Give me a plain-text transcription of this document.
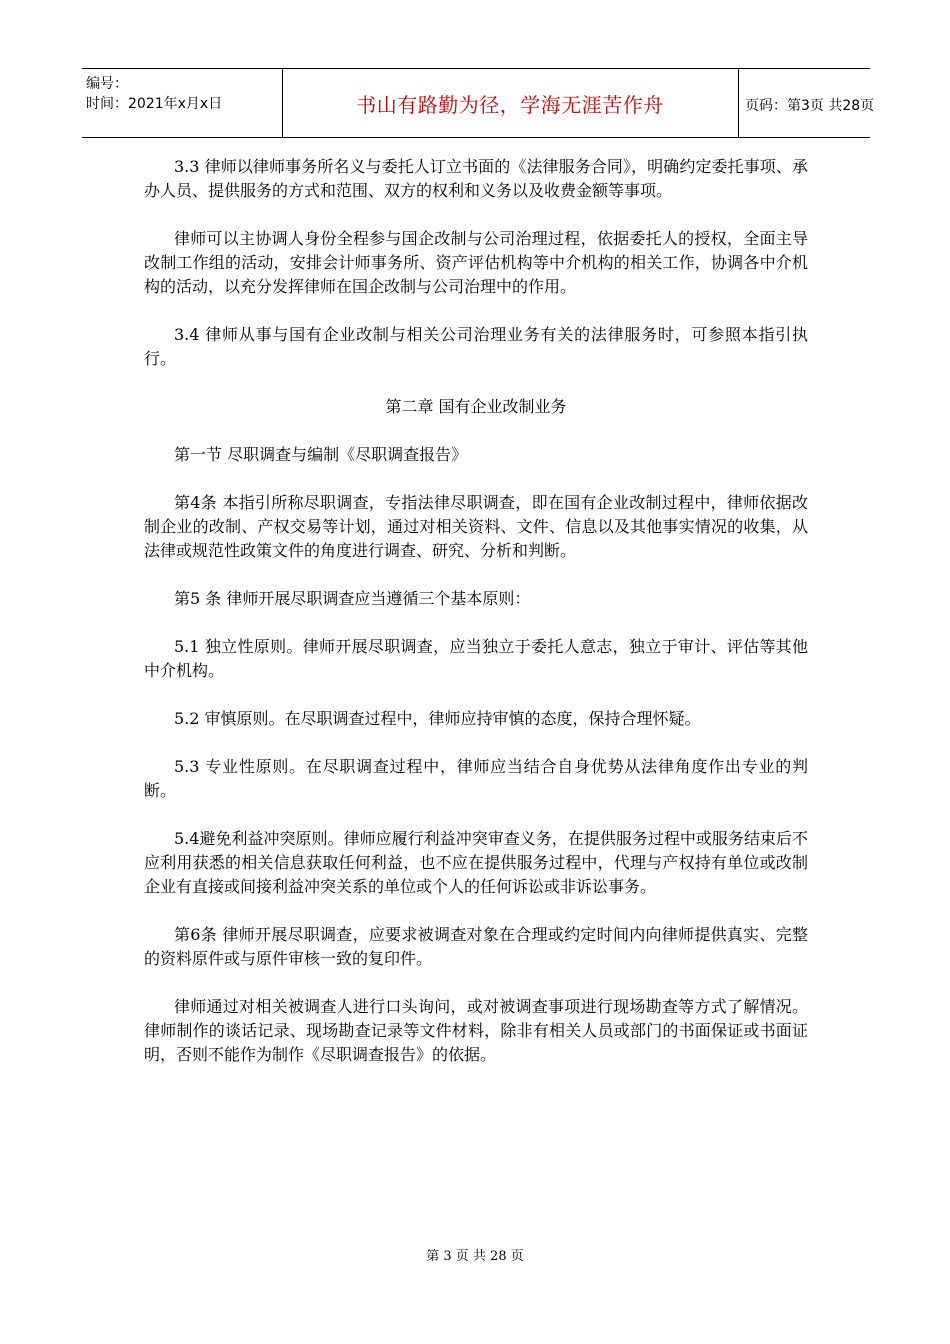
编号：
时间：2021年x月x日	书山有路勤为径，学海无涯苦作舟	页码：第3页 共28页

3.3 律师以律师事务所名义与委托人订立书面的《法律服务合同》，明确约定委托事项、承办人员、提供服务的方式和范围、双方的权利和义务以及收费金额等事项。

律师可以主协调人身份全程参与国企改制与公司治理过程，依据委托人的授权，全面主导改制工作组的活动，安排会计师事务所、资产评估机构等中介机构的相关工作，协调各中介机构的活动，以充分发挥律师在国企改制与公司治理中的作用。

3.4 律师从事与国有企业改制与相关公司治理业务有关的法律服务时，可参照本指引执行。

第二章 国有企业改制业务

第一节 尽职调查与编制《尽职调查报告》

第4条 本指引所称尽职调查，专指法律尽职调查，即在国有企业改制过程中，律师依据改制企业的改制、产权交易等计划，通过对相关资料、文件、信息以及其他事实情况的收集，从法律或规范性政策文件的角度进行调查、研究、分析和判断。

第5 条 律师开展尽职调查应当遵循三个基本原则：

5.1 独立性原则。律师开展尽职调查，应当独立于委托人意志，独立于审计、评估等其他中介机构。

5.2 审慎原则。在尽职调查过程中，律师应持审慎的态度，保持合理怀疑。

5.3 专业性原则。在尽职调查过程中，律师应当结合自身优势从法律角度作出专业的判断。

5.4避免利益冲突原则。律师应履行利益冲突审查义务，在提供服务过程中或服务结束后不应利用获悉的相关信息获取任何利益，也不应在提供服务过程中，代理与产权持有单位或改制企业有直接或间接利益冲突关系的单位或个人的任何诉讼或非诉讼事务。

第6条 律师开展尽职调查，应要求被调查对象在合理或约定时间内向律师提供真实、完整的资料原件或与原件审核一致的复印件。

律师通过对相关被调查人进行口头询问，或对被调查事项进行现场勘查等方式了解情况。律师制作的谈话记录、现场勘查记录等文件材料，除非有相关人员或部门的书面保证或书面证明，否则不能作为制作《尽职调查报告》的依据。

第 3 页 共 28 页
